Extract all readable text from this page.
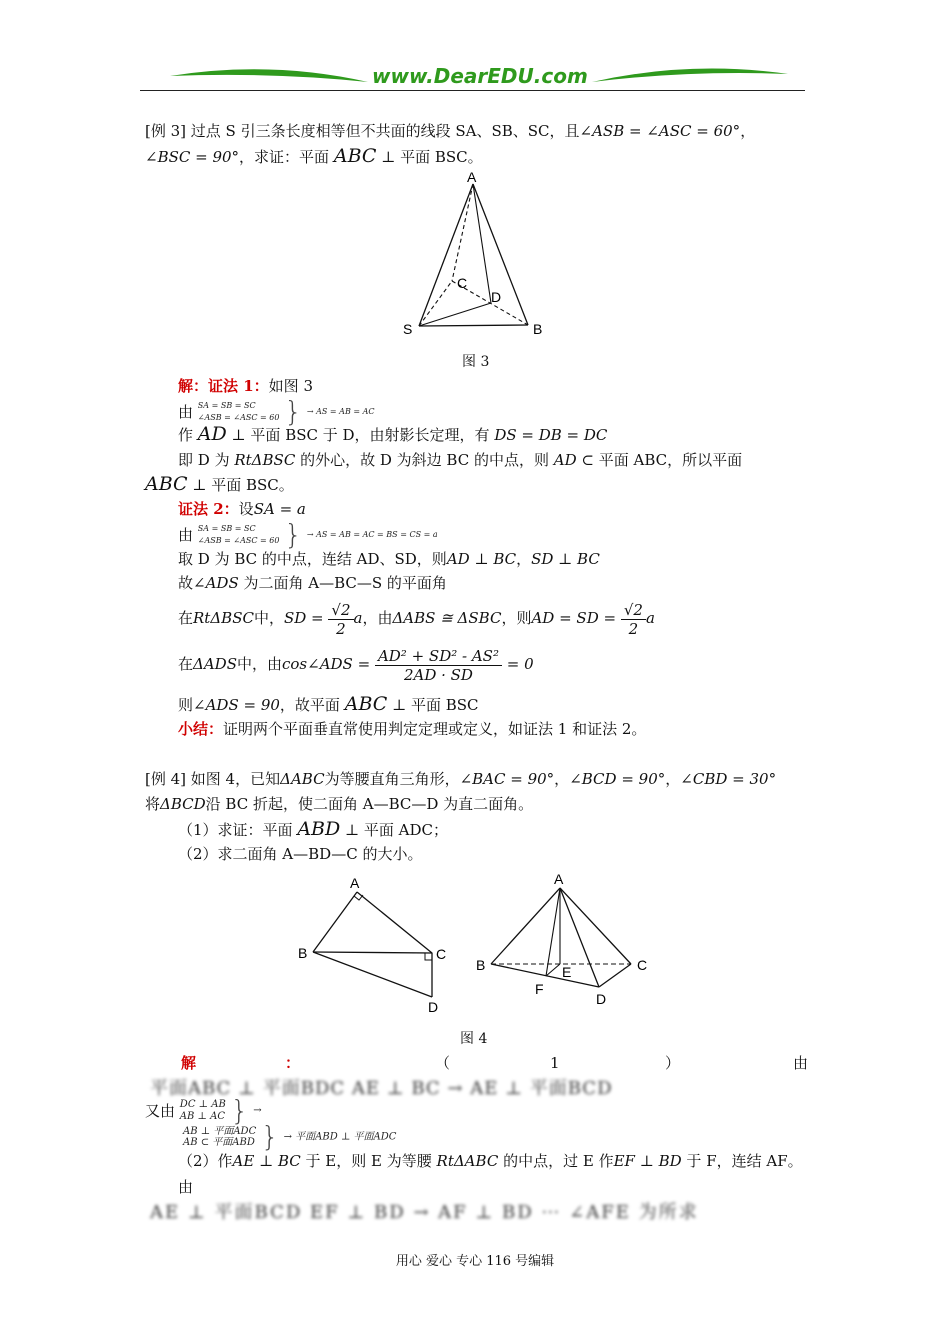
www.DearEDU.com
[例 3] 过点 S 引三条长度相等但不共面的线段 SA、SB、SC，且∠ASB = ∠ASC = 60°，
∠BSC = 90°，求证：平面 ABC ⊥ 平面 BSC。
A
C
D
S	B
图 3
解：证法 1：如图 3
由 SA = SB = SC
∠ASB = ∠ASC = 60 } → AS = AB = AC
作 AD ⊥ 平面 BSC 于 D，由射影长定理，有 DS = DB = DC
即 D 为 RtΔBSC 的外心，故 D 为斜边 BC 的中点，则 AD ⊂ 平面 ABC，所以平面
ABC ⊥ 平面 BSC。
证法 2：设SA = a
由 SA = SB = SC
∠ASB = ∠ASC = 60 } → AS = AB = AC = BS = CS = a
取 D 为 BC 的中点，连结 AD、SD，则AD ⊥ BC，SD ⊥ BC
故∠ADS 为二面角 A—BC—S 的平面角
在RtΔBSC中，SD = $\frac{√2}{2}$ a，由ΔABS ≅ ΔSBC，则AD = SD = $\frac{√2}{2}$ a
在ΔADS中，由cos∠ADS = $\frac{\text{AD² + SD² - AS²}}{2AD \cdot SD} = 0$
则∠ADS = 90，故平面 ABC ⊥ 平面 BSC
小结：证明两个平面垂直常使用判定定理或定义，如证法 1 和证法 2。
[例 4] 如图 4，已知ΔABC为等腰直角三角形，∠BAC = 90°，∠BCD = 90°，∠CBD = 30°
将ΔBCD沿 BC 折起，使二面角 A—BC—D 为直二面角。
（1）求证：平面 ABD ⊥ 平面 ADC；
（2）求二面角 A—BD—C 的大小。
A
B	C
D
A
B	C
E
F
D
图 4
解	：	（	1	）	由
平面ABC ⊥ 平面BDC AE ⊥ BC → AE ⊥ 平面BCD
又由 DC ⊥ AB
AB ⊥ AC } →
AB ⊥ 平面ADC
AB ⊂ 平面ABD } → 平面ABD ⊥ 平面ADC
（2）作AE ⊥ BC 于 E，则 E 为等腰 RtΔABC 的中点，过 E 作EF ⊥ BD 于 F，连结 AF。
由
AE ⊥ 平面BCD EF ⊥ BD → AF ⊥ BD ⋯ ∠AFE 为所求
用心 爱心 专心 116 号编辑
